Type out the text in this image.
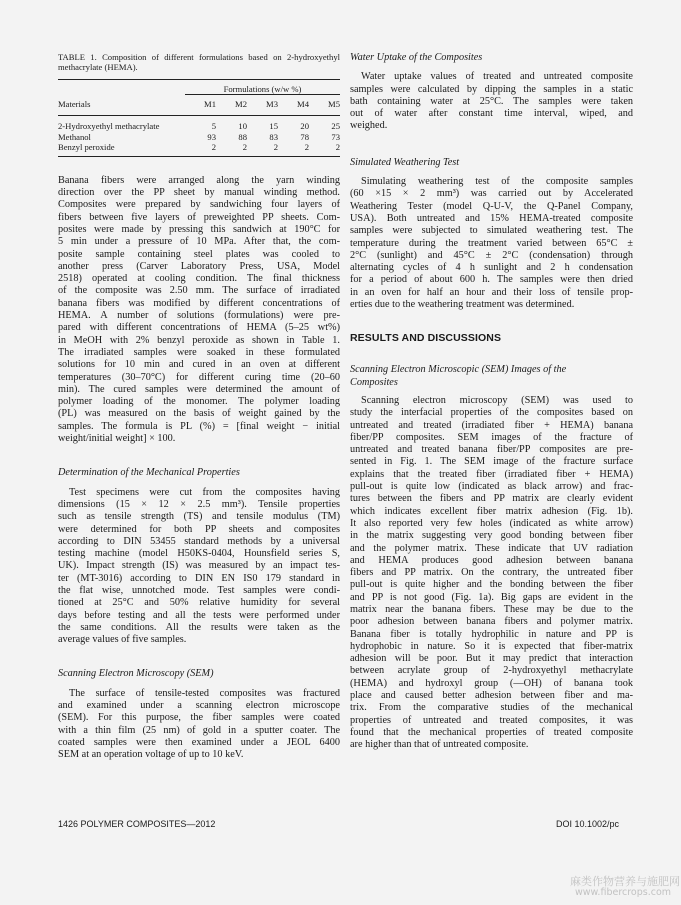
TABLE 1. Composition of different formulations based on 2-hydroxyethyl methacrylate (HEMA).

	Formulations (w/w %)				

Materials	M1	M2	M3	M4	M5

2-Hydroxyethyl methacrylate	5	10	15	20	25
Methanol	93	88	83	78	73
Benzyl peroxide	2	2	2	2	2
Banana fibers were arranged along the yarn winding
direction over the PP sheet by manual winding method.
Composites were prepared by sandwiching four layers of
fibers between five layers of preweighted PP sheets. Com-
posites were made by pressing this sandwich at 190°C for
5 min under a pressure of 10 MPa. After that, the com-
posite sample containing steel plates was cooled to
another press (Carver Laboratory Press, USA, Model
2518) operated at cooling condition. The final thickness
of the composite was 2.50 mm. The surface of irradiated
banana fibers was modified by different concentrations of
HEMA. A number of solutions (formulations) were pre-
pared with different concentrations of HEMA (5–25 wt%)
in MeOH with 2% benzyl peroxide as shown in Table 1.
The irradiated samples were soaked in these formulated
solutions for 10 min and cured in an oven at different
temperatures (30–70°C) for different curing time (20–60
min). The cured samples were determined the amount of
polymer loading of the monomer. The polymer loading
(PL) was measured on the basis of weight gained by the
samples. The formula is PL (%) = [final weight − initial
weight/initial weight] × 100.

Determination of the Mechanical Properties

Test specimens were cut from the composites having
dimensions (15 × 12 × 2.5 mm³). Tensile properties
such as tensile strength (TS) and tensile modulus (TM)
were determined for both PP sheets and composites
according to DIN 53455 standard methods by a universal
testing machine (model H50KS-0404, Hounsfield series S,
UK). Impact strength (IS) was measured by an impact tes-
ter (MT-3016) according to DIN EN IS0 179 standard in
the flat wise, unnotched mode. Test samples were condi-
tioned at 25°C and 50% relative humidity for several
days before testing and all the tests were performed under
the same conditions. All the results were taken as the
average values of five samples.

Scanning Electron Microscopy (SEM)

The surface of tensile-tested composites was fractured
and examined under a scanning electron microscope
(SEM). For this purpose, the fiber samples were coated
with a thin film (25 nm) of gold in a sputter coater. The
coated samples were then examined under a JEOL 6400
SEM at an operation voltage of up to 10 keV.

Water Uptake of the Composites

Water uptake values of treated and untreated composite
samples were calculated by dipping the samples in a static
bath containing water at 25°C. The samples were taken
out of water after constant time interval, wiped, and
weighed.

Simulated Weathering Test

Simulating weathering test of the composite samples
(60 ×15 × 2 mm³) was carried out by Accelerated
Weathering Tester (model Q-U-V, the Q-Panel Company,
USA). Both untreated and 15% HEMA-treated composite
samples were subjected to simulated weathering test. The
temperature during the treatment varied between 65°C ±
2°C (sunlight) and 45°C ± 2°C (condensation) through
alternating cycles of 4 h sunlight and 2 h condensation
for a period of about 600 h. The samples were then dried
in an oven for half an hour and their loss of tensile prop-
erties due to the weathering treatment was determined.

RESULTS AND DISCUSSIONS

Scanning Electron Microscopic (SEM) Images of the
Composites
Scanning electron microscopy (SEM) was used to
study the interfacial properties of the composites based on
untreated and treated (irradiated fiber + HEMA) banana
fiber/PP composites. SEM images of the fracture of
untreated and treated banana fiber/PP composites are pre-
sented in Fig. 1. The SEM image of the fracture surface
explains that the treated fiber (irradiated fiber + HEMA)
pull-out is quite low (indicated as black arrow) and frac-
tures between the fibers and PP matrix are clearly evident
which indicates excellent fiber matrix adhesion (Fig. 1b).
It also reported very few holes (indicated as white arrow)
in the matrix suggesting very good bonding between fiber
and the polymer matrix. These indicate that UV radiation
and HEMA produces good adhesion between banana
fibers and PP matrix. On the contrary, the untreated fiber
pull-out is quite higher and the bonding between the fiber
and PP is not good (Fig. 1a). Big gaps are evident in the
matrix near the banana fibers. These may be due to the
poor adhesion between banana fibers and polymer matrix.
Banana fiber is totally hydrophilic in nature and PP is
hydrophobic in nature. So it is expected that fiber-matrix
adhesion will be poor. But it may predict that interaction
between acrylate group of 2-hydroxyethyl methacrylate
(HEMA) and hydroxyl group (—OH) of banana took
place and caused better adhesion between fiber and ma-
trix. From the comparative studies of the mechanical
properties of untreated and treated composites, it was
found that the mechanical properties of treated composite
are higher than that of untreated composite.
1426 POLYMER COMPOSITES—2012	DOI 10.1002/pc
麻类作物营养与施肥网
www.fibercrops.com
